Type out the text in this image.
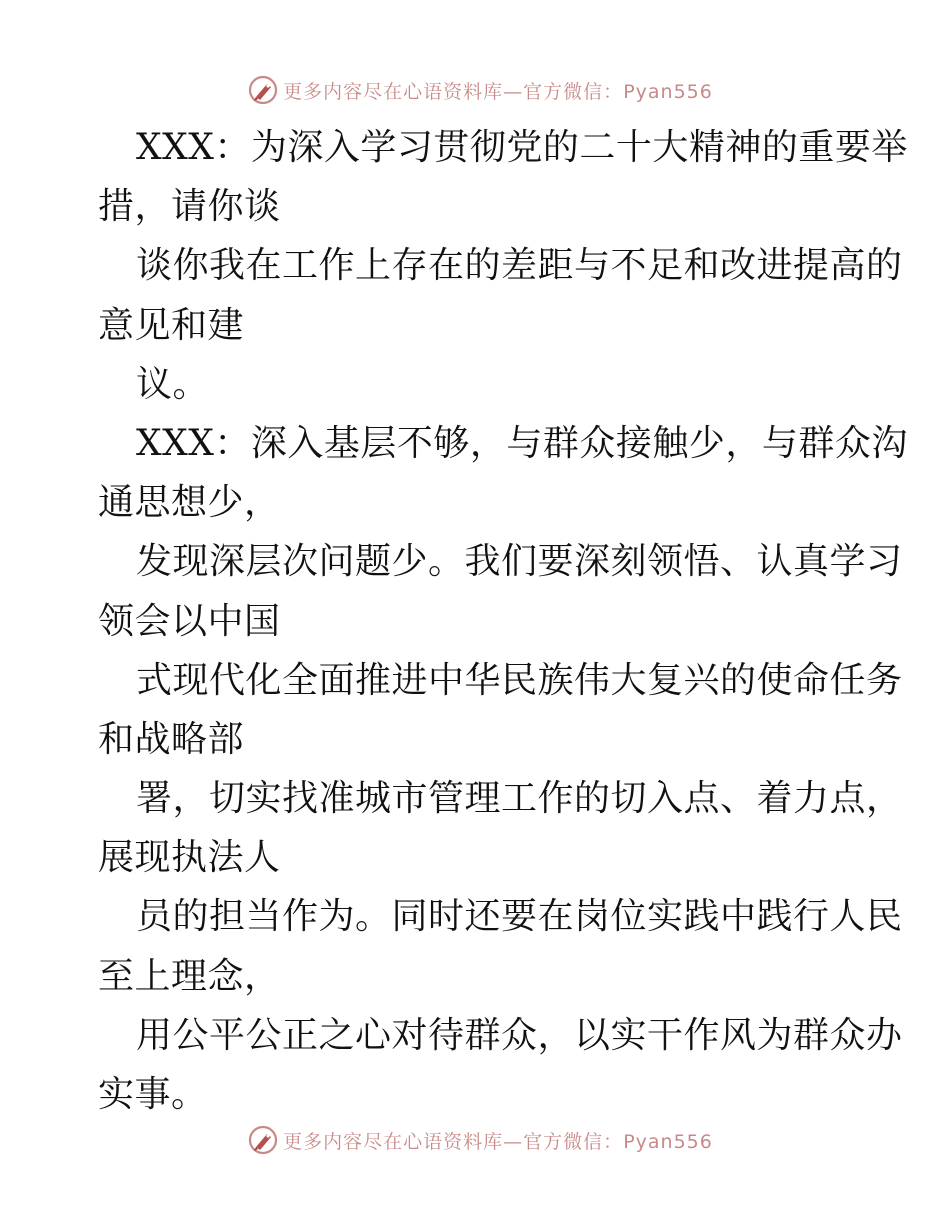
更多内容尽在心语资料库—官方微信：Pyan556
XXX：为深入学习贯彻党的二十大精神的重要举
措，请你谈
谈你我在工作上存在的差距与不足和改进提高的
意见和建
议。
XXX：深入基层不够，与群众接触少，与群众沟
通思想少，
发现深层次问题少。我们要深刻领悟、认真学习
领会以中国
式现代化全面推进中华民族伟大复兴的使命任务
和战略部
署，切实找准城市管理工作的切入点、着力点，
展现执法人
员的担当作为。同时还要在岗位实践中践行人民
至上理念，
用公平公正之心对待群众，以实干作风为群众办
实事。
更多内容尽在心语资料库—官方微信：Pyan556
